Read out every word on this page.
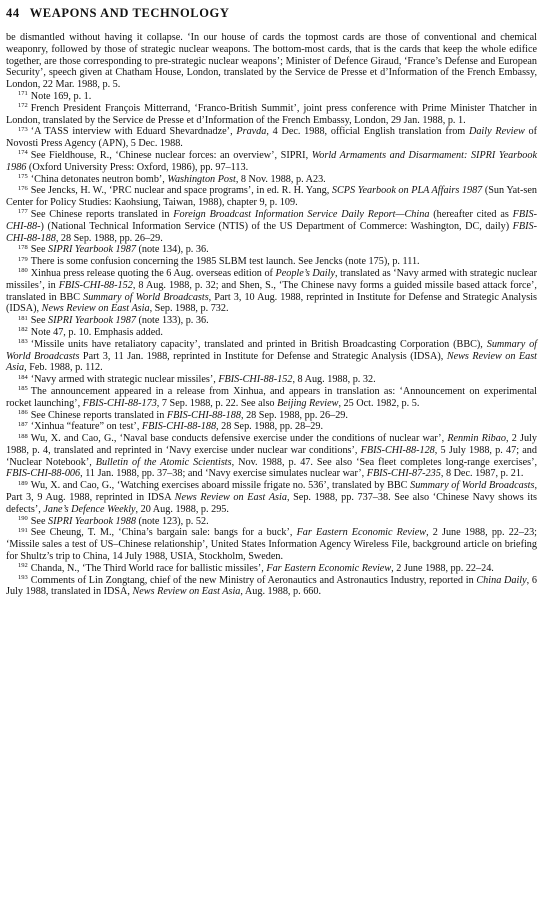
44 WEAPONS AND TECHNOLOGY

be dismantled without having it collapse. ‘In our house of cards the topmost cards are those of conventional and chemical weaponry, followed by those of strategic nuclear weapons. The bottom-most cards, that is the cards that keep the whole edifice together, are those corresponding to pre-strategic nuclear weapons’; Minister of Defence Giraud, ‘France’s Defense and European Security’, speech given at Chatham House, London, translated by the Service de Presse et d’Information of the French Embassy, London, 22 Mar. 1988, p. 5.

$^{171}$ Note 169, p. 1.

$^{172}$ French President François Mitterrand, ‘Franco-British Summit’, joint press conference with Prime Minister Thatcher in London, translated by the Service de Presse et d’Information of the French Embassy, London, 29 Jan. 1988, p. 1.

$^{173}$ ‘A TASS interview with Eduard Shevardnadze’, Pravda, 4 Dec. 1988, official English translation from Daily Review of Novosti Press Agency (APN), 5 Dec. 1988.

$^{174}$ See Fieldhouse, R., ‘Chinese nuclear forces: an overview’, SIPRI, World Armaments and Disarmament: SIPRI Yearbook 1986 (Oxford University Press: Oxford, 1986), pp. 97–113.

$^{175}$ ‘China detonates neutron bomb’, Washington Post, 8 Nov. 1988, p. A23.

$^{176}$ See Jencks, H. W., ‘PRC nuclear and space programs’, in ed. R. H. Yang, SCPS Yearbook on PLA Affairs 1987 (Sun Yat-sen Center for Policy Studies: Kaohsiung, Taiwan, 1988), chapter 9, p. 109.

$^{177}$ See Chinese reports translated in Foreign Broadcast Information Service Daily Report—China (hereafter cited as FBIS-CHI-88-) (National Technical Information Service (NTIS) of the US Department of Commerce: Washington, DC, daily) FBIS-CHI-88-188, 28 Sep. 1988, pp. 26–29.

$^{178}$ See SIPRI Yearbook 1987 (note 134), p. 36.

$^{179}$ There is some confusion concerning the 1985 SLBM test launch. See Jencks (note 175), p. 111.

$^{180}$ Xinhua press release quoting the 6 Aug. overseas edition of People’s Daily, translated as ‘Navy armed with strategic nuclear missiles’, in FBIS-CHI-88-152, 8 Aug. 1988, p. 32; and Shen, S., ‘The Chinese navy forms a guided missile based attack force’, translated in BBC Summary of World Broadcasts, Part 3, 10 Aug. 1988, reprinted in Institute for Defense and Strategic Analysis (IDSA), News Review on East Asia, Sep. 1988, p. 732.

$^{181}$ See SIPRI Yearbook 1987 (note 133), p. 36.

$^{182}$ Note 47, p. 10. Emphasis added.

$^{183}$ ‘Missile units have retaliatory capacity’, translated and printed in British Broadcasting Corporation (BBC), Summary of World Broadcasts Part 3, 11 Jan. 1988, reprinted in Institute for Defense and Strategic Analysis (IDSA), News Review on East Asia, Feb. 1988, p. 112.

$^{184}$ ‘Navy armed with strategic nuclear missiles’, FBIS-CHI-88-152, 8 Aug. 1988, p. 32.

$^{185}$ The announcement appeared in a release from Xinhua, and appears in translation as: ‘Announcement on experimental rocket launching’, FBIS-CHI-88-173, 7 Sep. 1988, p. 22. See also Beijing Review, 25 Oct. 1982, p. 5.

$^{186}$ See Chinese reports translated in FBIS-CHI-88-188, 28 Sep. 1988, pp. 26–29.

$^{187}$ ‘Xinhua “feature” on test’, FBIS-CHI-88-188, 28 Sep. 1988, pp. 28–29.

$^{188}$ Wu, X. and Cao, G., ‘Naval base conducts defensive exercise under the conditions of nuclear war’, Renmin Ribao, 2 July 1988, p. 4, translated and reprinted in ‘Navy exercise under nuclear war conditions’, FBIS-CHI-88-128, 5 July 1988, p. 47; and ‘Nuclear Notebook’, Bulletin of the Atomic Scientists, Nov. 1988, p. 47. See also ‘Sea fleet completes long-range exercises’, FBIS-CHI-88-006, 11 Jan. 1988, pp. 37–38; and ‘Navy exercise simulates nuclear war’, FBIS-CHI-87-235, 8 Dec. 1987, p. 21.

$^{189}$ Wu, X. and Cao, G., ‘Watching exercises aboard missile frigate no. 536’, translated by BBC Summary of World Broadcasts, Part 3, 9 Aug. 1988, reprinted in IDSA News Review on East Asia, Sep. 1988, pp. 737–38. See also ‘Chinese Navy shows its defects’, Jane’s Defence Weekly, 20 Aug. 1988, p. 295.

$^{190}$ See SIPRI Yearbook 1988 (note 123), p. 52.

$^{191}$ See Cheung, T. M., ‘China’s bargain sale: bangs for a buck’, Far Eastern Economic Review, 2 June 1988, pp. 22–23; ‘Missile sales a test of US–Chinese relationship’, United States Information Agency Wireless File, background article on briefing for Shultz’s trip to China, 14 July 1988, USIA, Stockholm, Sweden.

$^{192}$ Chanda, N., ‘The Third World race for ballistic missiles’, Far Eastern Economic Review, 2 June 1988, pp. 22–24.

$^{193}$ Comments of Lin Zongtang, chief of the new Ministry of Aeronautics and Astronautics Industry, reported in China Daily, 6 July 1988, translated in IDSA, News Review on East Asia, Aug. 1988, p. 660.
